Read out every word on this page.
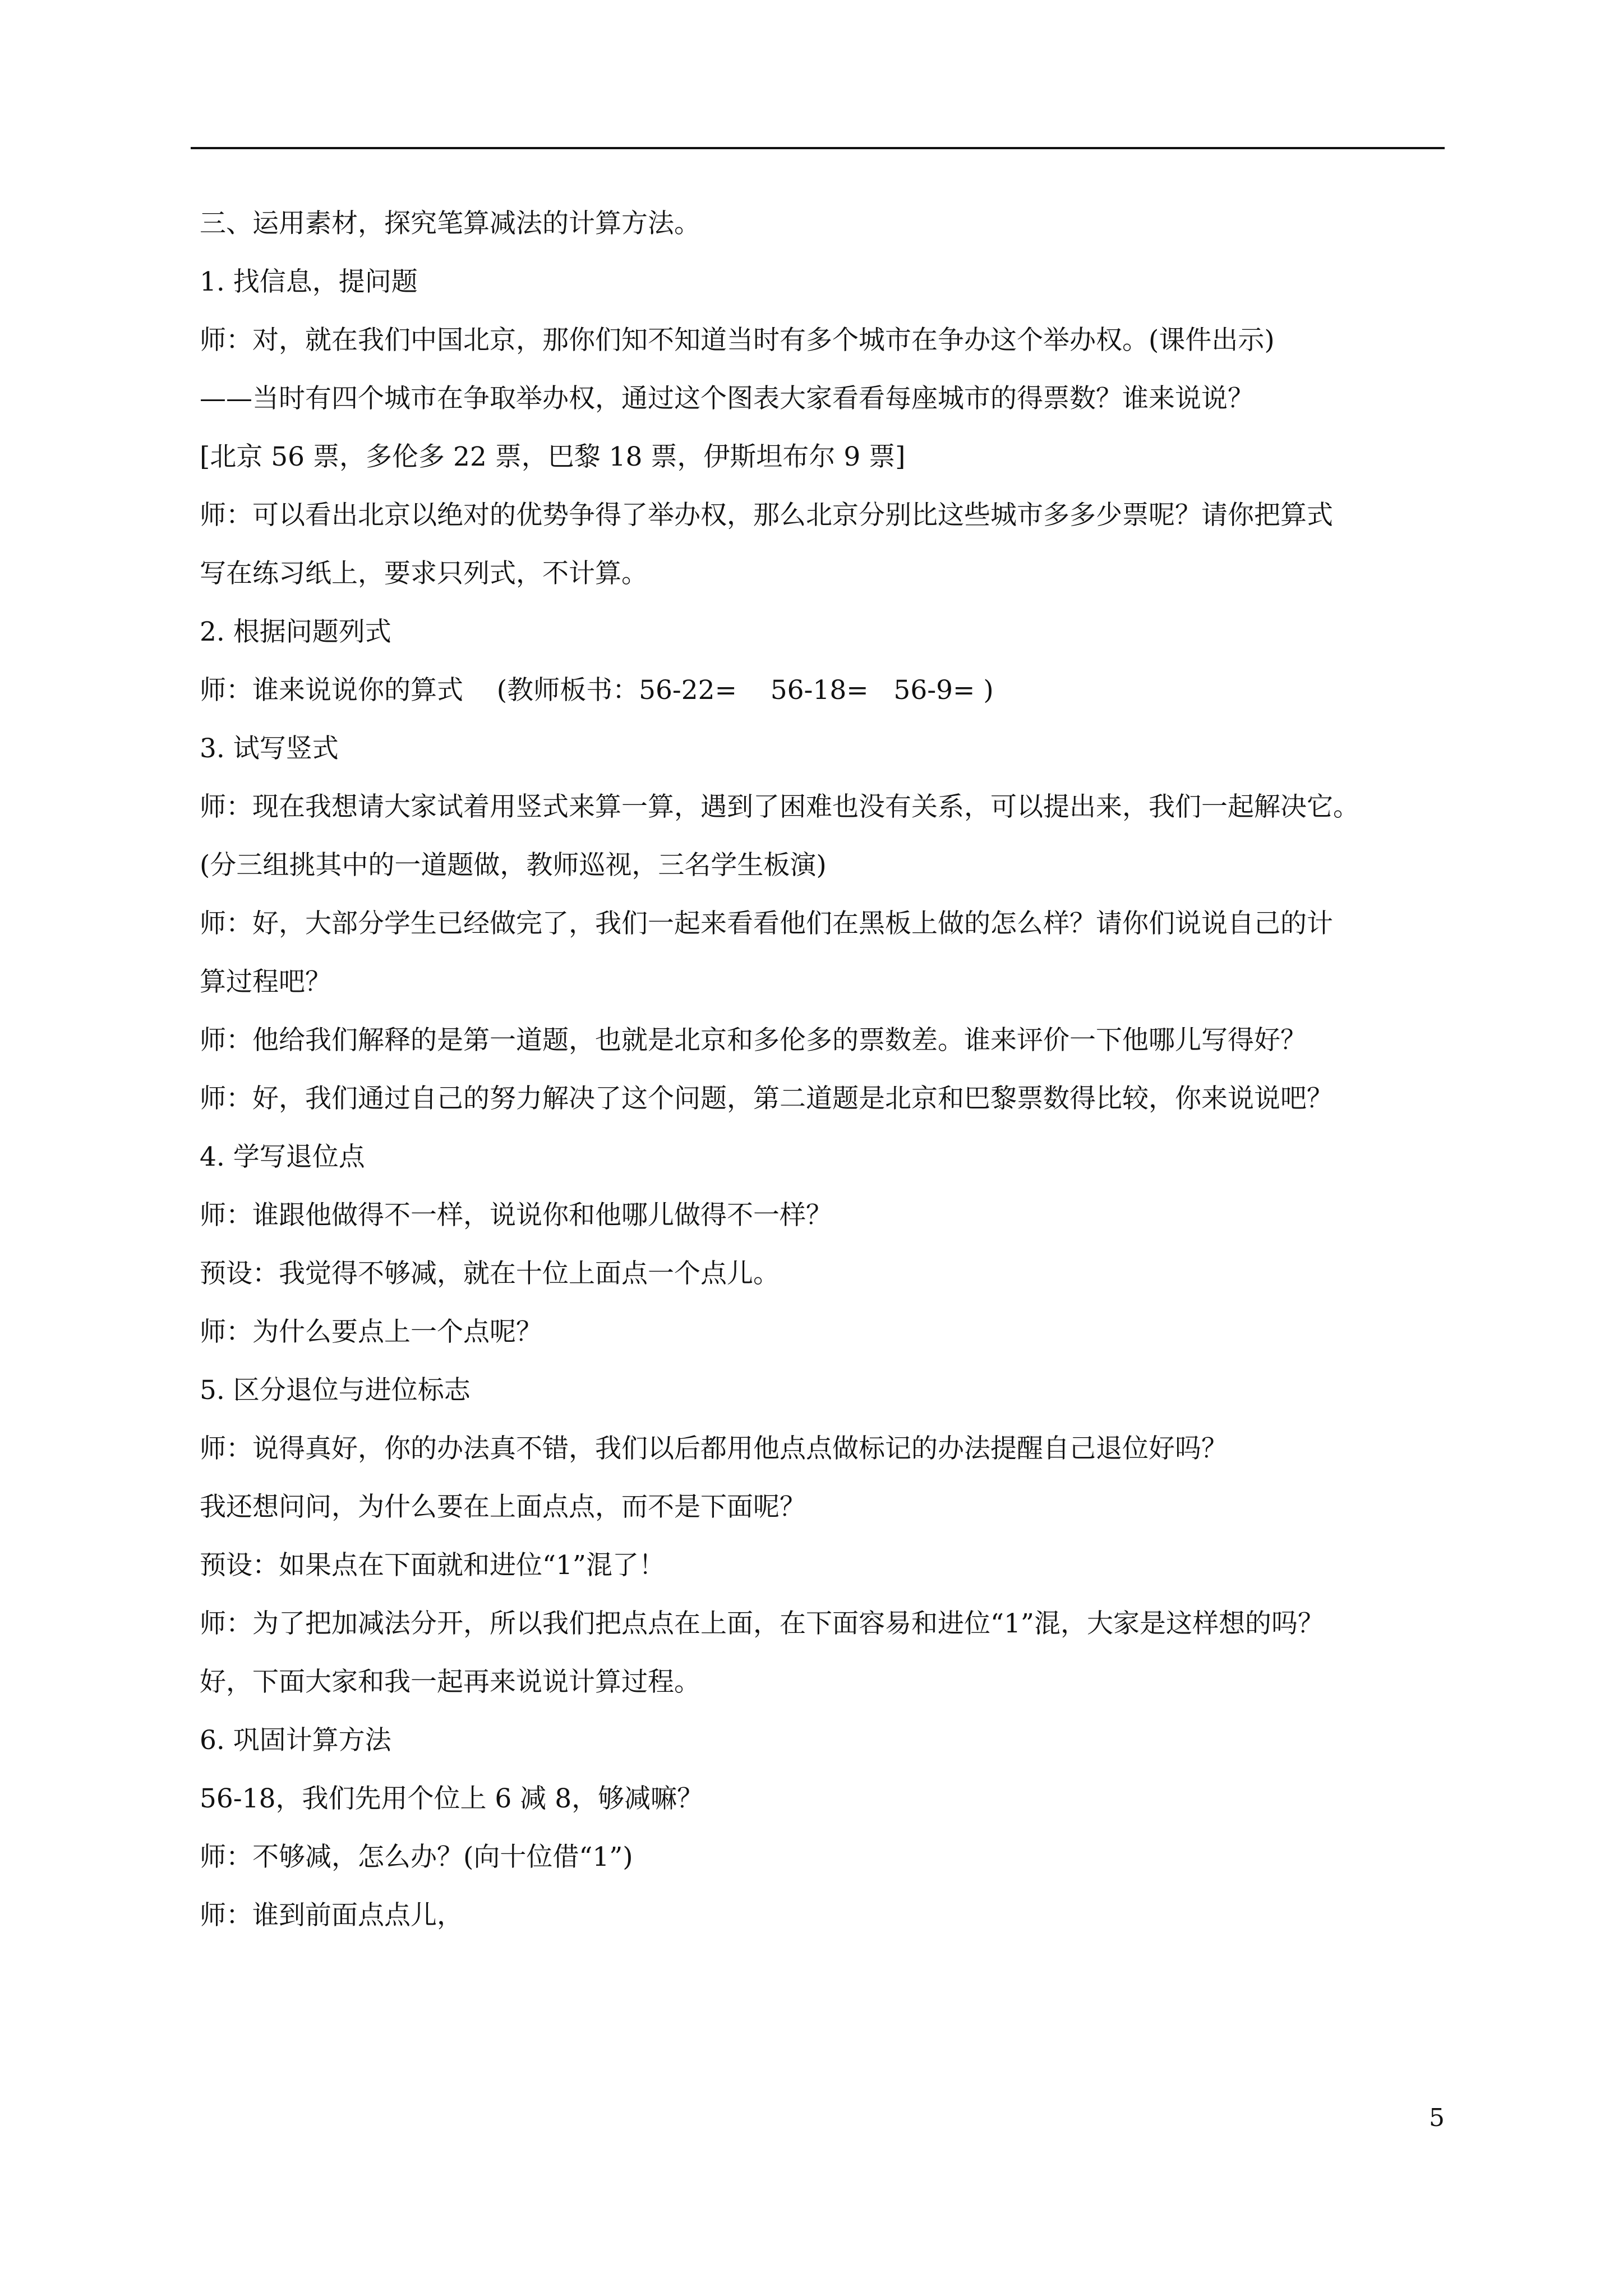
三、运用素材，探究笔算减法的计算方法。

1. 找信息，提问题

师：对，就在我们中国北京，那你们知不知道当时有多个城市在争办这个举办权。(课件出示)

——当时有四个城市在争取举办权，通过这个图表大家看看每座城市的得票数？谁来说说？

[北京 56 票，多伦多 22 票，巴黎 18 票，伊斯坦布尔 9 票]

师：可以看出北京以绝对的优势争得了举办权，那么北京分别比这些城市多多少票呢？请你把算式

写在练习纸上，要求只列式，不计算。

2. 根据问题列式

师：谁来说说你的算式    (教师板书：56-22=    56-18=   56-9= )

3. 试写竖式

师：现在我想请大家试着用竖式来算一算，遇到了困难也没有关系，可以提出来，我们一起解决它。

(分三组挑其中的一道题做，教师巡视，三名学生板演)

师：好，大部分学生已经做完了，我们一起来看看他们在黑板上做的怎么样？请你们说说自己的计

算过程吧？

师：他给我们解释的是第一道题，也就是北京和多伦多的票数差。谁来评价一下他哪儿写得好？

师：好，我们通过自己的努力解决了这个问题，第二道题是北京和巴黎票数得比较，你来说说吧？

4. 学写退位点

师：谁跟他做得不一样，说说你和他哪儿做得不一样？

预设：我觉得不够减，就在十位上面点一个点儿。

师：为什么要点上一个点呢？

5. 区分退位与进位标志

师：说得真好，你的办法真不错，我们以后都用他点点做标记的办法提醒自己退位好吗？

我还想问问，为什么要在上面点点，而不是下面呢？

预设：如果点在下面就和进位“1”混了！

师：为了把加减法分开，所以我们把点点在上面，在下面容易和进位“1”混，大家是这样想的吗？

好，下面大家和我一起再来说说计算过程。

6. 巩固计算方法

56-18，我们先用个位上 6 减 8，够减嘛？

师：不够减，怎么办？(向十位借“1”)

师：谁到前面点点儿，

5
